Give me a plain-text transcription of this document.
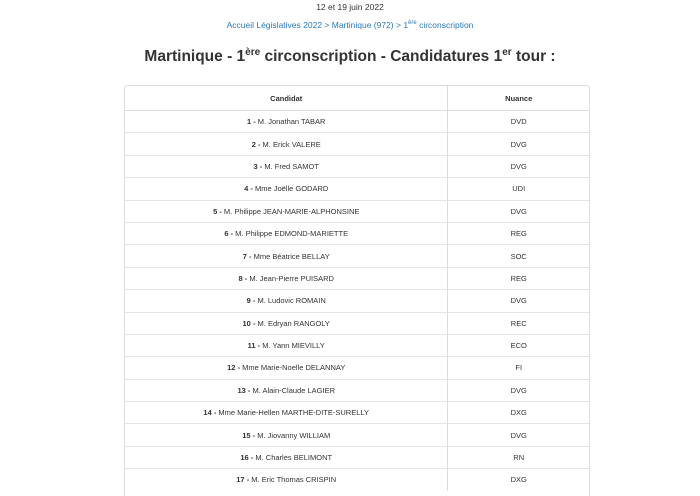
12 et 19 juin 2022
Accueil Législatives 2022 > Martinique (972) > 1ère circonscription
Martinique - 1ère circonscription - Candidatures 1er tour :
Candidat	Nuance
1 - M. Jonathan TABAR	DVD
2 - M. Erick VALERE	DVG
3 - M. Fred SAMOT	DVG
4 - Mme Joëlle GODARD	UDI
5 - M. Philippe JEAN-MARIE-ALPHONSINE	DVG
6 - M. Philippe EDMOND-MARIETTE	REG
7 - Mme Béatrice BELLAY	SOC
8 - M. Jean-Pierre PUISARD	REG
9 - M. Ludovic ROMAIN	DVG
10 - M. Edryan RANGOLY	REC
11 - M. Yann MIEVILLY	ECO
12 - Mme Marie-Noelle DELANNAY	FI
13 - M. Alain-Claude LAGIER	DVG
14 - Mme Marie-Hellen MARTHE-DITE-SURELLY	DXG
15 - M. Jiovanny WILLIAM	DVG
16 - M. Charles BELIMONT	RN
17 - M. Eric Thomas CRISPIN	DXG
